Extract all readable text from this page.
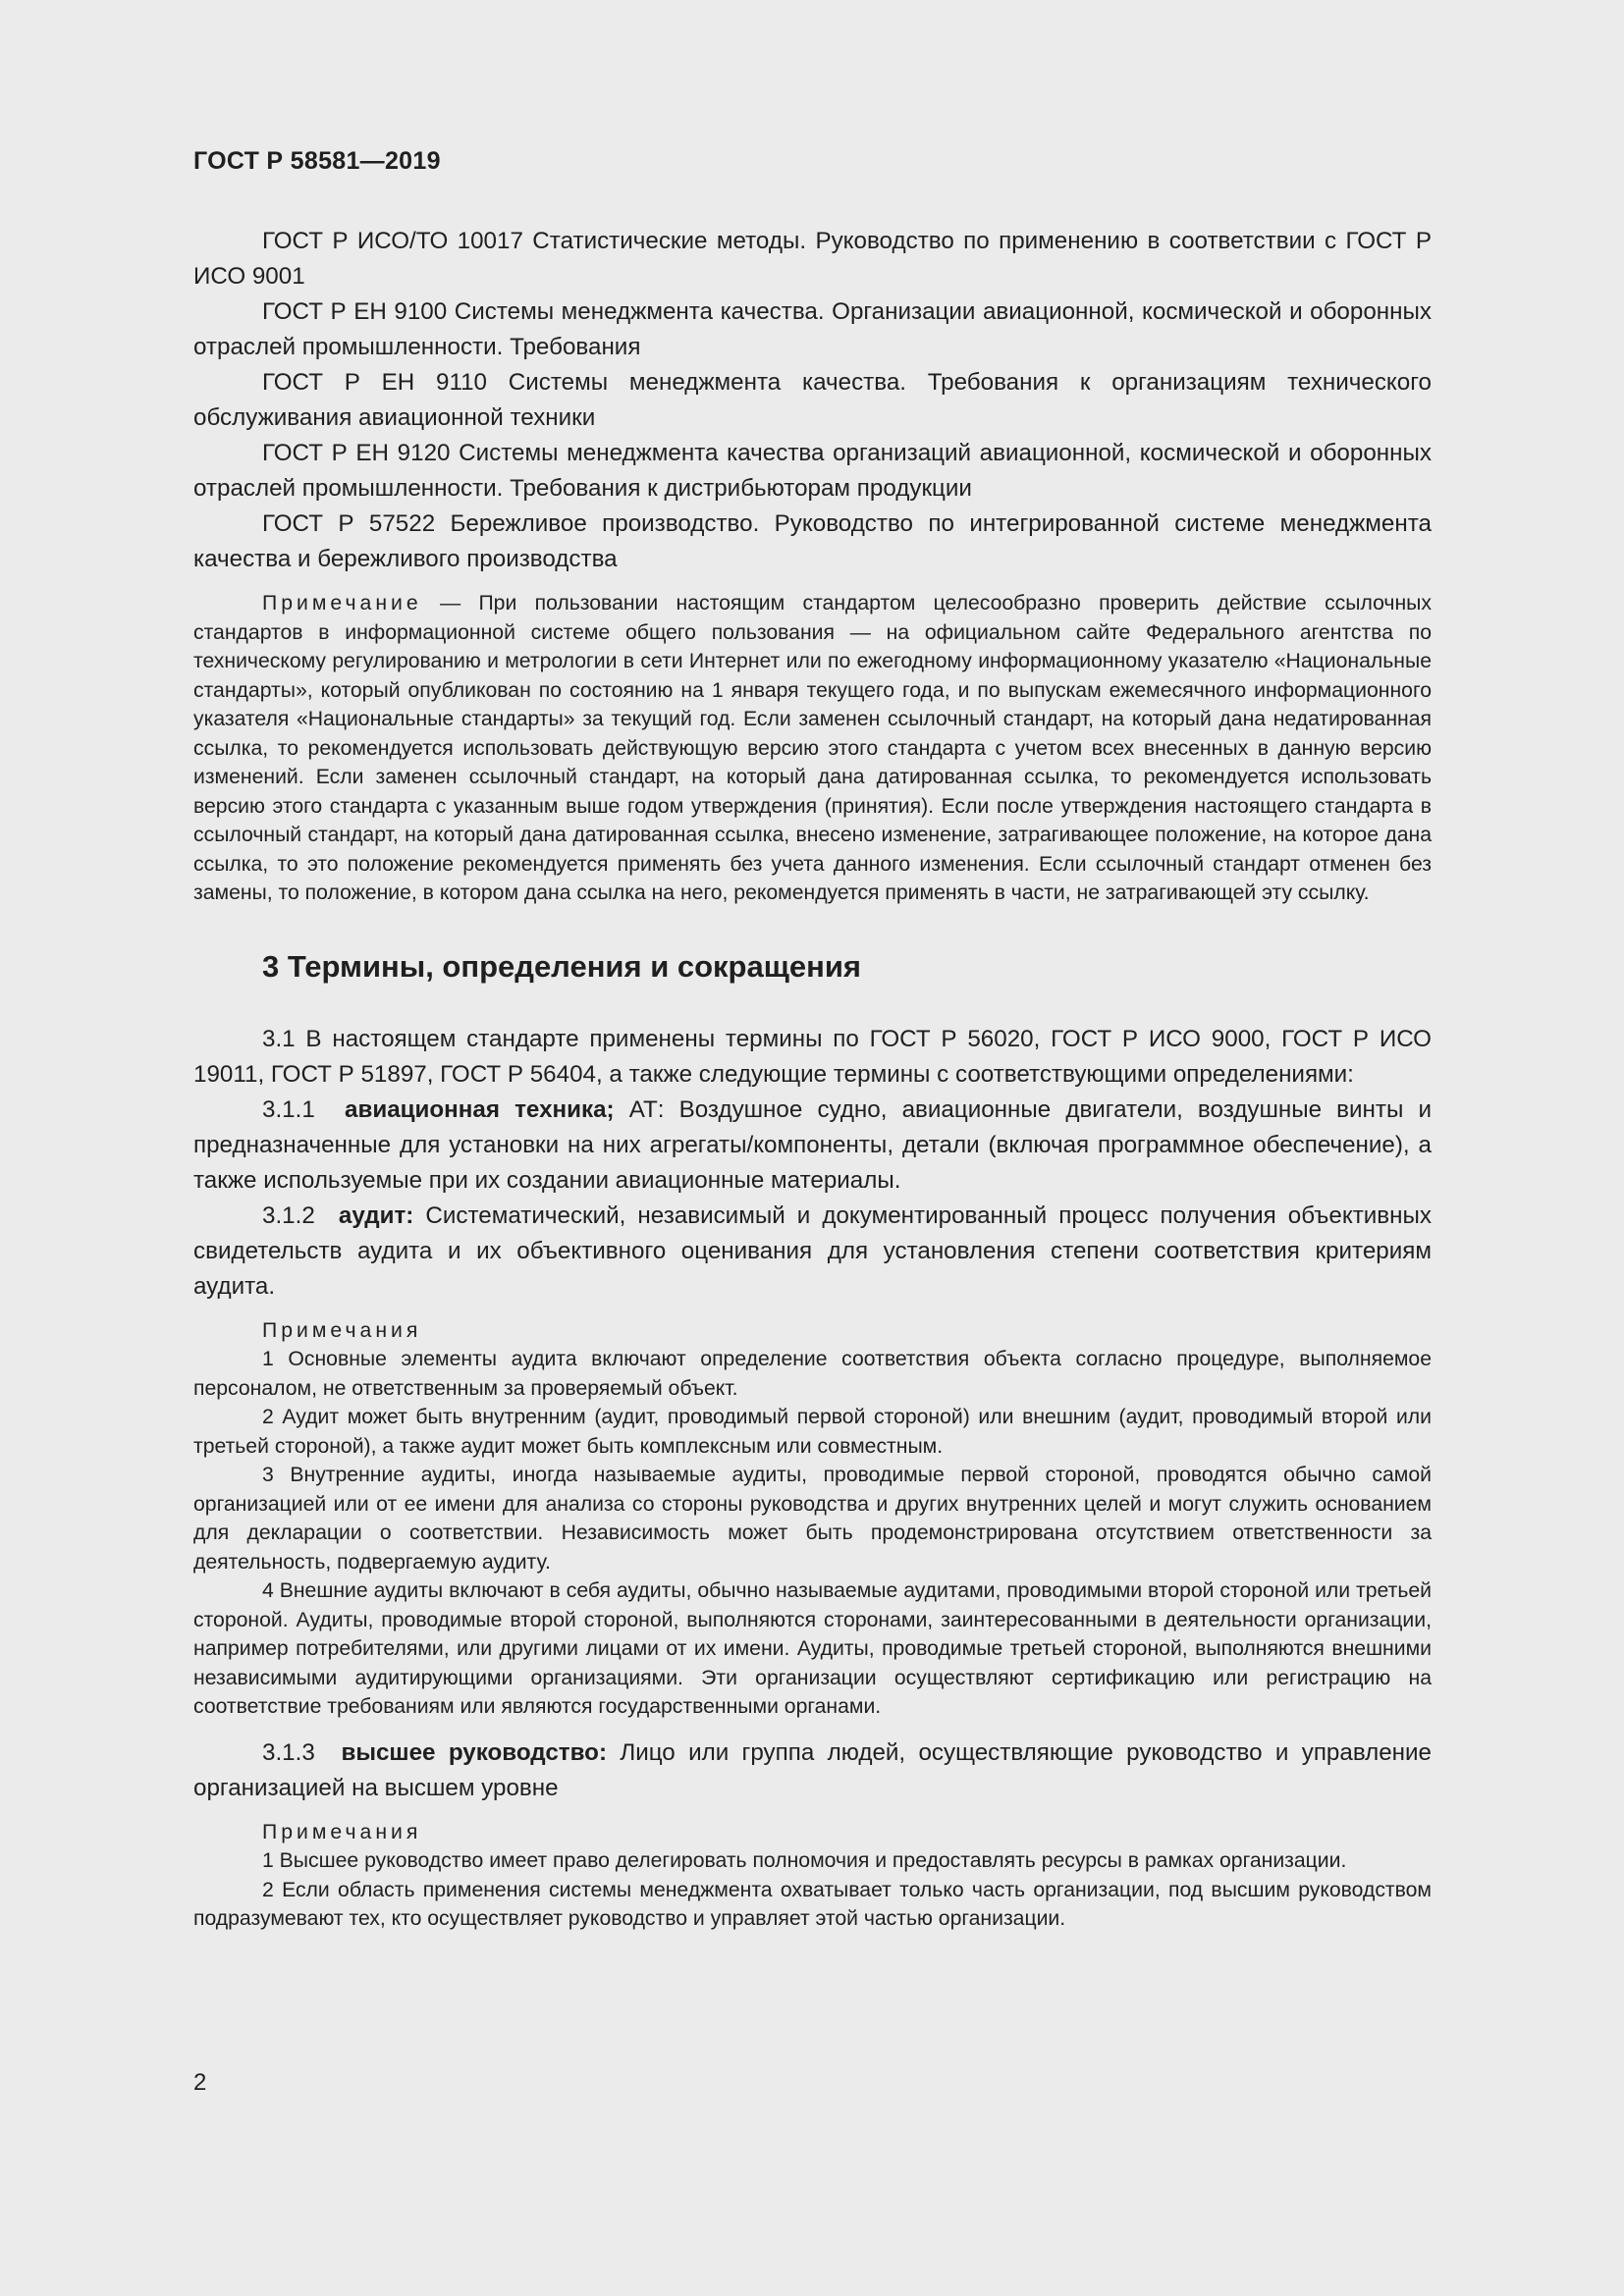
ГОСТ Р 58581—2019

ГОСТ Р ИСО/ТО 10017 Статистические методы. Руководство по применению в соответствии с ГОСТ Р ИСО 9001

ГОСТ Р ЕН 9100 Системы менеджмента качества. Организации авиационной, космической и оборонных отраслей промышленности. Требования

ГОСТ Р ЕН 9110 Системы менеджмента качества. Требования к организациям технического обслуживания авиационной техники

ГОСТ Р ЕН 9120 Системы менеджмента качества организаций авиационной, космической и оборонных отраслей промышленности. Требования к дистрибьюторам продукции

ГОСТ Р 57522 Бережливое производство. Руководство по интегрированной системе менеджмента качества и бережливого производства

Примечание — При пользовании настоящим стандартом целесообразно проверить действие ссылочных стандартов в информационной системе общего пользования — на официальном сайте Федерального агентства по техническому регулированию и метрологии в сети Интернет или по ежегодному информационному указателю «Национальные стандарты», который опубликован по состоянию на 1 января текущего года, и по выпускам ежемесячного информационного указателя «Национальные стандарты» за текущий год. Если заменен ссылочный стандарт, на который дана недатированная ссылка, то рекомендуется использовать действующую версию этого стандарта с учетом всех внесенных в данную версию изменений. Если заменен ссылочный стандарт, на который дана датированная ссылка, то рекомендуется использовать версию этого стандарта с указанным выше годом утверждения (принятия). Если после утверждения настоящего стандарта в ссылочный стандарт, на который дана датированная ссылка, внесено изменение, затрагивающее положение, на которое дана ссылка, то это положение рекомендуется применять без учета данного изменения. Если ссылочный стандарт отменен без замены, то положение, в котором дана ссылка на него, рекомендуется применять в части, не затрагивающей эту ссылку.

3 Термины, определения и сокращения

3.1 В настоящем стандарте применены термины по ГОСТ Р 56020, ГОСТ Р ИСО 9000, ГОСТ Р ИСО 19011, ГОСТ Р 51897, ГОСТ Р 56404, а также следующие термины с соответствующими определениями:

3.1.1 авиационная техника; АТ: Воздушное судно, авиационные двигатели, воздушные винты и предназначенные для установки на них агрегаты/компоненты, детали (включая программное обеспечение), а также используемые при их создании авиационные материалы.

3.1.2 аудит: Систематический, независимый и документированный процесс получения объективных свидетельств аудита и их объективного оценивания для установления степени соответствия критериям аудита.

Примечания

1 Основные элементы аудита включают определение соответствия объекта согласно процедуре, выполняемое персоналом, не ответственным за проверяемый объект.

2 Аудит может быть внутренним (аудит, проводимый первой стороной) или внешним (аудит, проводимый второй или третьей стороной), а также аудит может быть комплексным или совместным.

3 Внутренние аудиты, иногда называемые аудиты, проводимые первой стороной, проводятся обычно самой организацией или от ее имени для анализа со стороны руководства и других внутренних целей и могут служить основанием для декларации о соответствии. Независимость может быть продемонстрирована отсутствием ответственности за деятельность, подвергаемую аудиту.

4 Внешние аудиты включают в себя аудиты, обычно называемые аудитами, проводимыми второй стороной или третьей стороной. Аудиты, проводимые второй стороной, выполняются сторонами, заинтересованными в деятельности организации, например потребителями, или другими лицами от их имени. Аудиты, проводимые третьей стороной, выполняются внешними независимыми аудитирующими организациями. Эти организации осуществляют сертификацию или регистрацию на соответствие требованиям или являются государственными органами.

3.1.3 высшее руководство: Лицо или группа людей, осуществляющие руководство и управление организацией на высшем уровне

Примечания

1 Высшее руководство имеет право делегировать полномочия и предоставлять ресурсы в рамках организации.

2 Если область применения системы менеджмента охватывает только часть организации, под высшим руководством подразумевают тех, кто осуществляет руководство и управляет этой частью организации.

2
